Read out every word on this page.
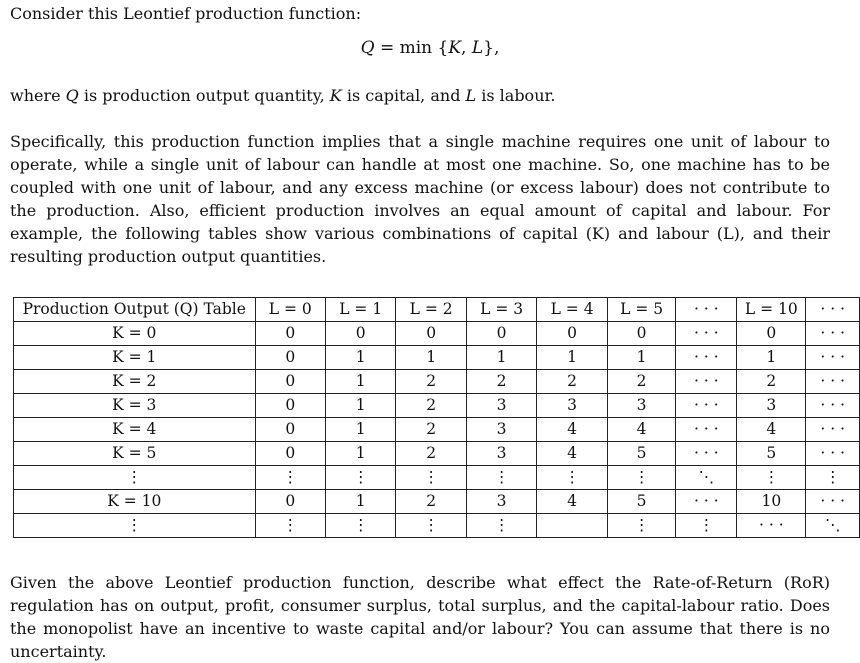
Consider this Leontief production function:

Q = min {K, L},

where Q is production output quantity, K is capital, and L is labour.

Specifically, this production function implies that a single machine requires one unit of labour to operate, while a single unit of labour can handle at most one machine. So, one machine has to be coupled with one unit of labour, and any excess machine (or excess labour) does not contribute to the production. Also, efficient production involves an equal amount of capital and labour. For example, the following tables show various combinations of capital (K) and labour (L), and their resulting production output quantities.

Production Output (Q) Table	L = 0	L = 1	L = 2	L = 3	L = 4	L = 5	· · ·	L = 10	· · ·
K = 0	0	0	0	0	0	0	· · ·	0	· · ·
K = 1	0	1	1	1	1	1	· · ·	1	· · ·
K = 2	0	1	2	2	2	2	· · ·	2	· · ·
K = 3	0	1	2	3	3	3	· · ·	3	· · ·
K = 4	0	1	2	3	4	4	· · ·	4	· · ·
K = 5	0	1	2	3	4	5	· · ·	5	· · ·
⋮	⋮	⋮	⋮	⋮	⋮	⋮	⋱	⋮	⋮
K = 10	0	1	2	3	4	5	· · ·	10	· · ·
⋮	⋮	⋮	⋮	⋮		⋮	⋮	· · ·	⋱

Given the above Leontief production function, describe what effect the Rate-of-Return (RoR) regulation has on output, profit, consumer surplus, total surplus, and the capital-labour ratio. Does the monopolist have an incentive to waste capital and/or labour? You can assume that there is no uncertainty.
